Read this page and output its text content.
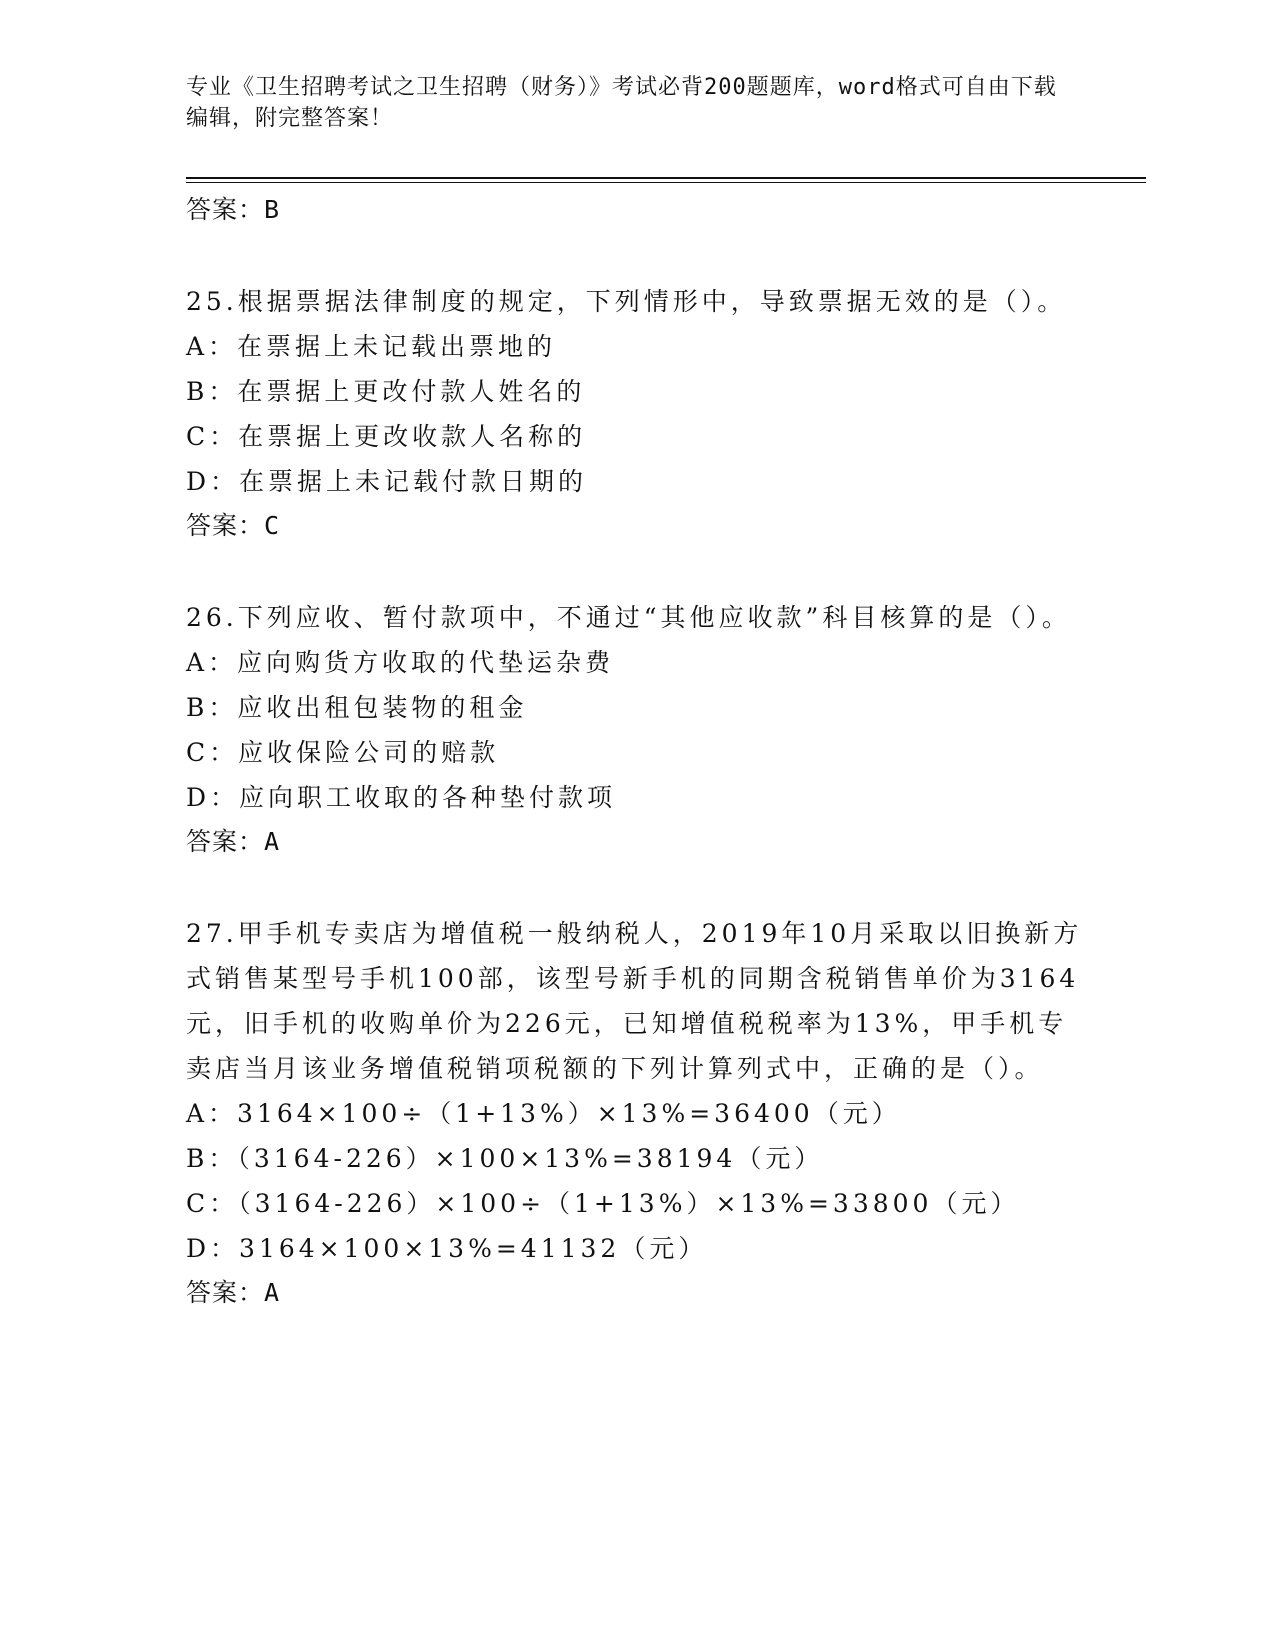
专业《卫生招聘考试之卫生招聘（财务）》考试必背200题题库，word格式可自由下载编辑，附完整答案！
答案：B
25.根据票据法律制度的规定，下列情形中，导致票据无效的是（）。
A：在票据上未记载出票地的
B：在票据上更改付款人姓名的
C：在票据上更改收款人名称的
D：在票据上未记载付款日期的
答案：C
26.下列应收、暂付款项中，不通过“其他应收款”科目核算的是（）。
A：应向购货方收取的代垫运杂费
B：应收出租包装物的租金
C：应收保险公司的赔款
D：应向职工收取的各种垫付款项
答案：A
27.甲手机专卖店为增值税一般纳税人，2019年10月采取以旧换新方式销售某型号手机100部，该型号新手机的同期含税销售单价为3164元，旧手机的收购单价为226元，已知增值税税率为13%，甲手机专卖店当月该业务增值税销项税额的下列计算列式中，正确的是（）。
A：3164×100÷（1+13%）×13%=36400（元）
B：（3164-226）×100×13%=38194（元）
C：（3164-226）×100÷（1+13%）×13%=33800（元）
D：3164×100×13%=41132（元）
答案：A
